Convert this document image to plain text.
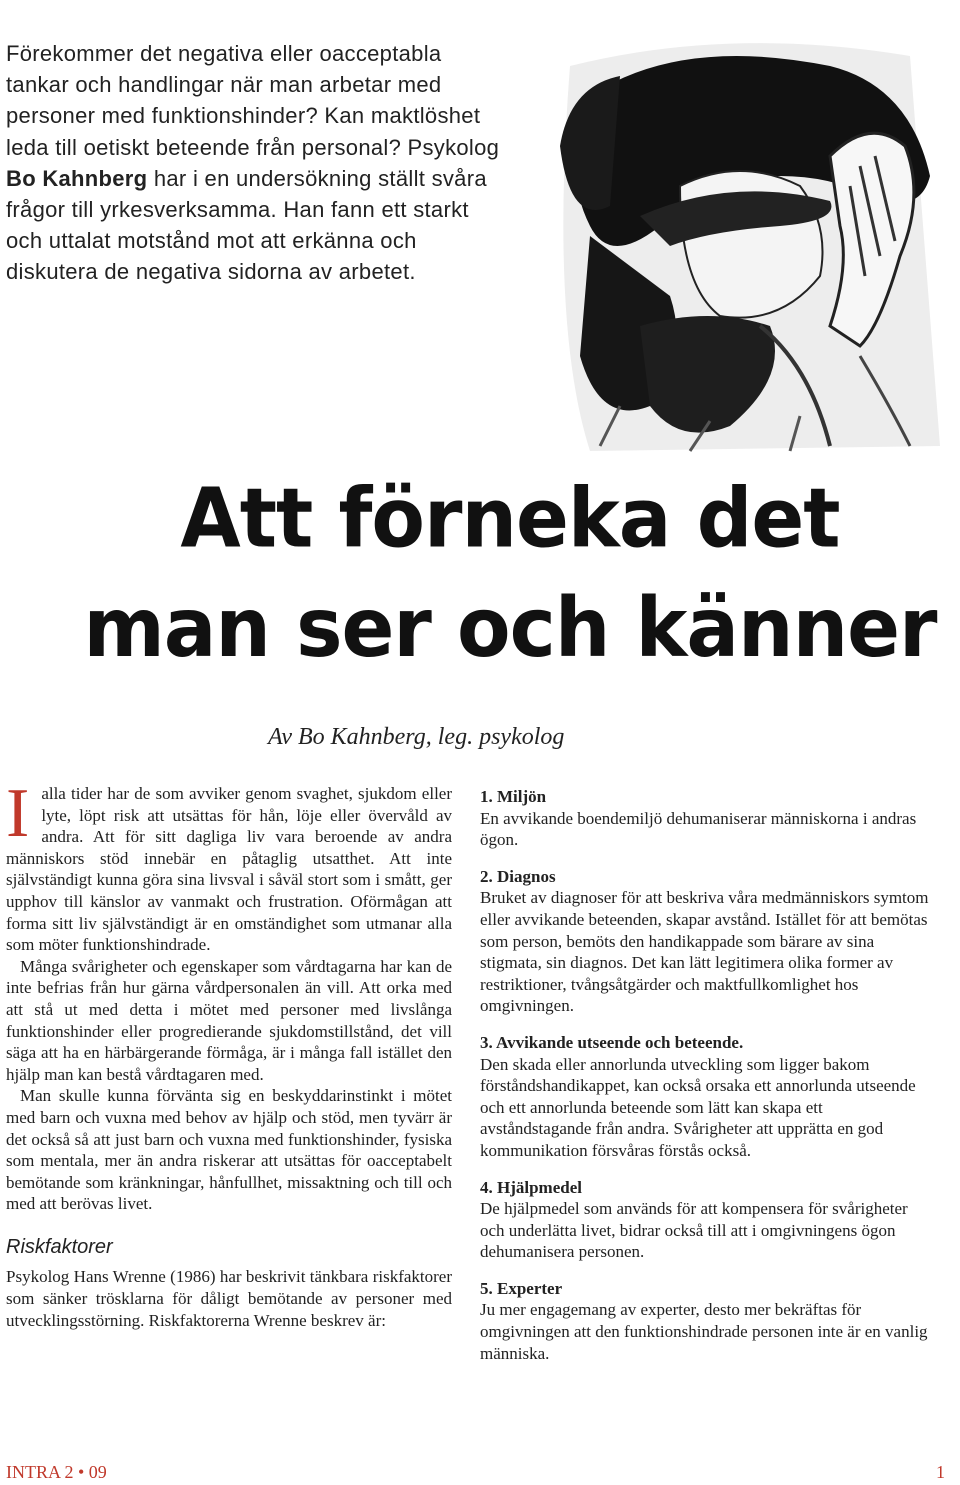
Förekommer det negativa eller oacceptabla tankar och handlingar när man arbetar med personer med funktionshinder? Kan maktlöshet leda till oetiskt beteende från personal? Psykolog Bo Kahnberg har i en undersökning ställt svåra frågor till yrkesverksamma. Han fann ett starkt och uttalat motstånd mot att erkänna och diskutera de negativa sidorna av arbetet.

Att förneka det
man ser och känner
Av Bo Kahnberg, leg. psykolog

Ialla tider har de som avviker genom svaghet, sjukdom eller lyte, löpt risk att utsättas för hån, löje eller övervåld av andra. Att för sitt dagliga liv vara beroende av andra människors stöd innebär en påtaglig utsatthet. Att inte självständigt kunna göra sina livsval i såväl stort som i smått, ger upphov till känslor av vanmakt och frustration. Oförmågan att forma sitt liv självständigt är en omständighet som utmanar alla som möter funktionshindrade.

Många svårigheter och egenskaper som vårdtagarna har kan de inte befrias från hur gärna vårdpersonalen än vill. Att orka med att stå ut med detta i mötet med personer med livslånga funktionshinder eller progredierande sjukdomstillstånd, det vill säga att ha en härbärgerande förmåga, är i många fall istället den hjälp man kan bestå vårdtagaren med.

Man skulle kunna förvänta sig en beskyddarinstinkt i mötet med barn och vuxna med behov av hjälp och stöd, men tyvärr är det också så att just barn och vuxna med funktionshinder, fysiska som mentala, mer än andra riskerar att utsättas för oacceptabelt bemötande som kränkningar, hånfullhet, missaktning och till och med att berövas livet.

Riskfaktorer

Psykolog Hans Wrenne (1986) har beskrivit tänkbara riskfaktorer som sänker trösklarna för dåligt bemötande av personer med utvecklingsstörning. Riskfaktorerna Wrenne beskrev är:

1. Miljön
En avvikande boendemiljö dehumaniserar människorna i andras ögon.
2. Diagnos
Bruket av diagnoser för att beskriva våra medmänniskors symtom eller avvikande beteenden, skapar avstånd. Istället för att bemötas som person, bemöts den handikappade som bärare av sina stigmata, sin diagnos. Det kan lätt legitimera olika former av restriktioner, tvångsåtgärder och maktfullkomlighet hos omgivningen.
3. Avvikande utseende och beteende.
Den skada eller annorlunda utveckling som ligger bakom förståndshandikappet, kan också orsaka ett annorlunda utseende och ett annorlunda beteende som lätt kan skapa ett avståndstagande från andra. Svårigheter att upprätta en god kommunikation försvåras förstås också.
4. Hjälpmedel
De hjälpmedel som används för att kompensera för svårigheter och underlätta livet, bidrar också till att i omgivningens ögon dehumanisera personen.
5. Experter
Ju mer engagemang av experter, desto mer bekräftas för omgivningen att den funktionshindrade personen inte är en vanlig människa.
INTRA 2 • 09	1
